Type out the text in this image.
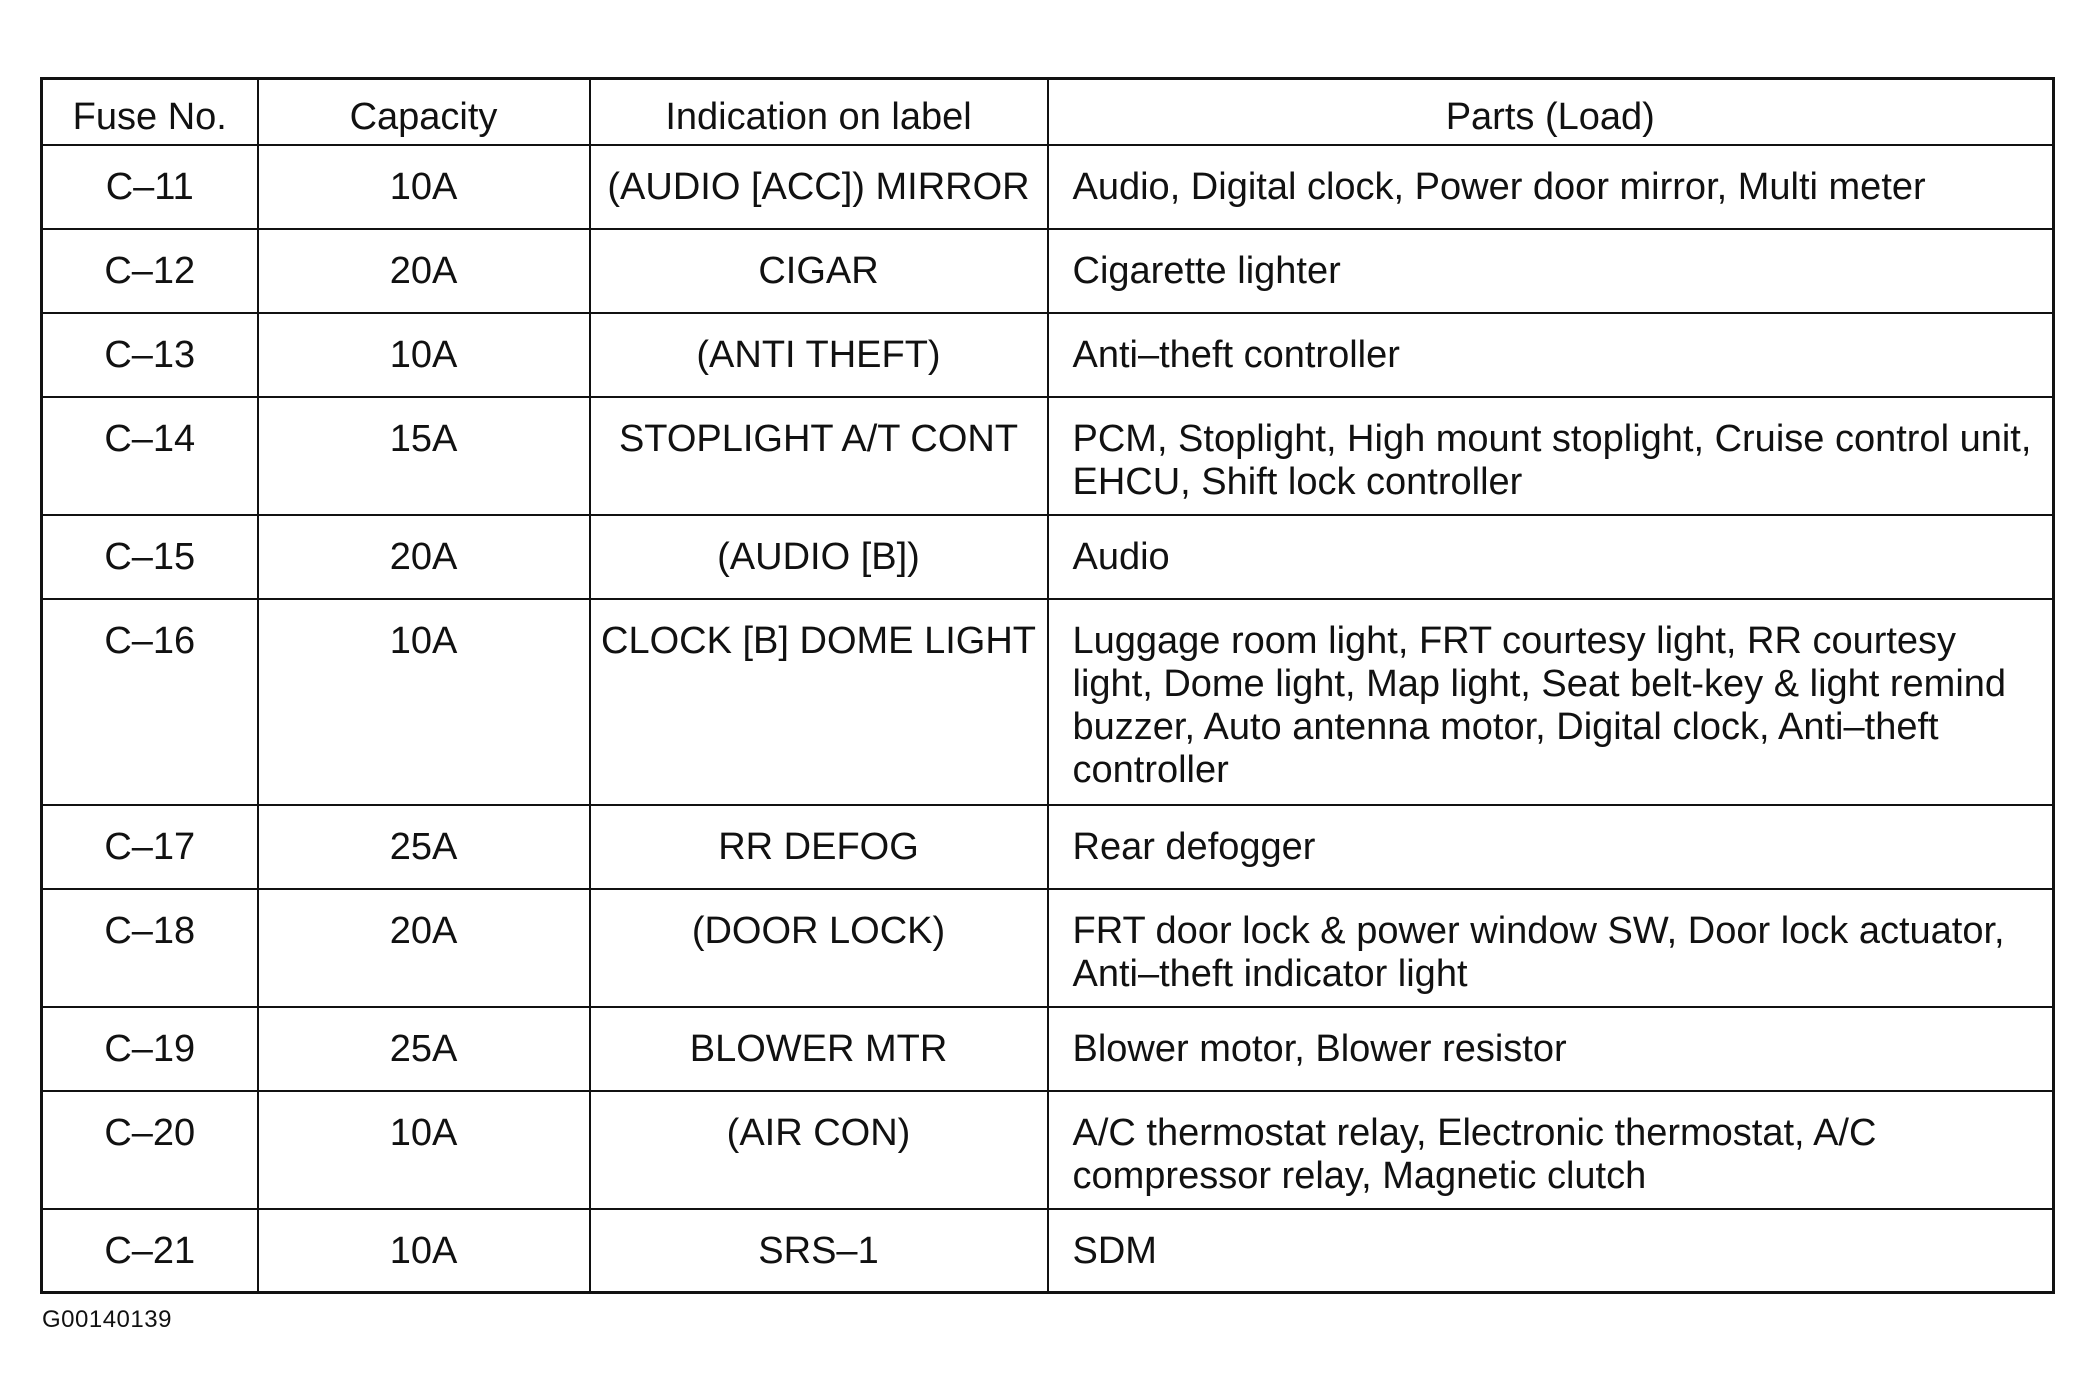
Fuse No.	Capacity	Indication on label	Parts (Load)
C–11	10A	(AUDIO [ACC]) MIRROR	Audio, Digital clock, Power door mirror, Multi meter
C–12	20A	CIGAR	Cigarette lighter
C–13	10A	(ANTI THEFT)	Anti–theft controller
C–14	15A	STOPLIGHT A/T CONT	PCM, Stoplight, High mount stoplight, Cruise control unit, EHCU, Shift lock controller
C–15	20A	(AUDIO [B])	Audio
C–16	10A	CLOCK [B] DOME LIGHT	Luggage room light, FRT courtesy light, RR courtesy light, Dome light, Map light, Seat belt-key & light remind buzzer, Auto antenna motor, Digital clock, Anti–theft controller
C–17	25A	RR DEFOG	Rear defogger
C–18	20A	(DOOR LOCK)	FRT door lock & power window SW, Door lock actuator, Anti–theft indicator light
C–19	25A	BLOWER MTR	Blower motor, Blower resistor
C–20	10A	(AIR CON)	A/C thermostat relay, Electronic thermostat, A/C compressor relay, Magnetic clutch
C–21	10A	SRS–1	SDM
G00140139
